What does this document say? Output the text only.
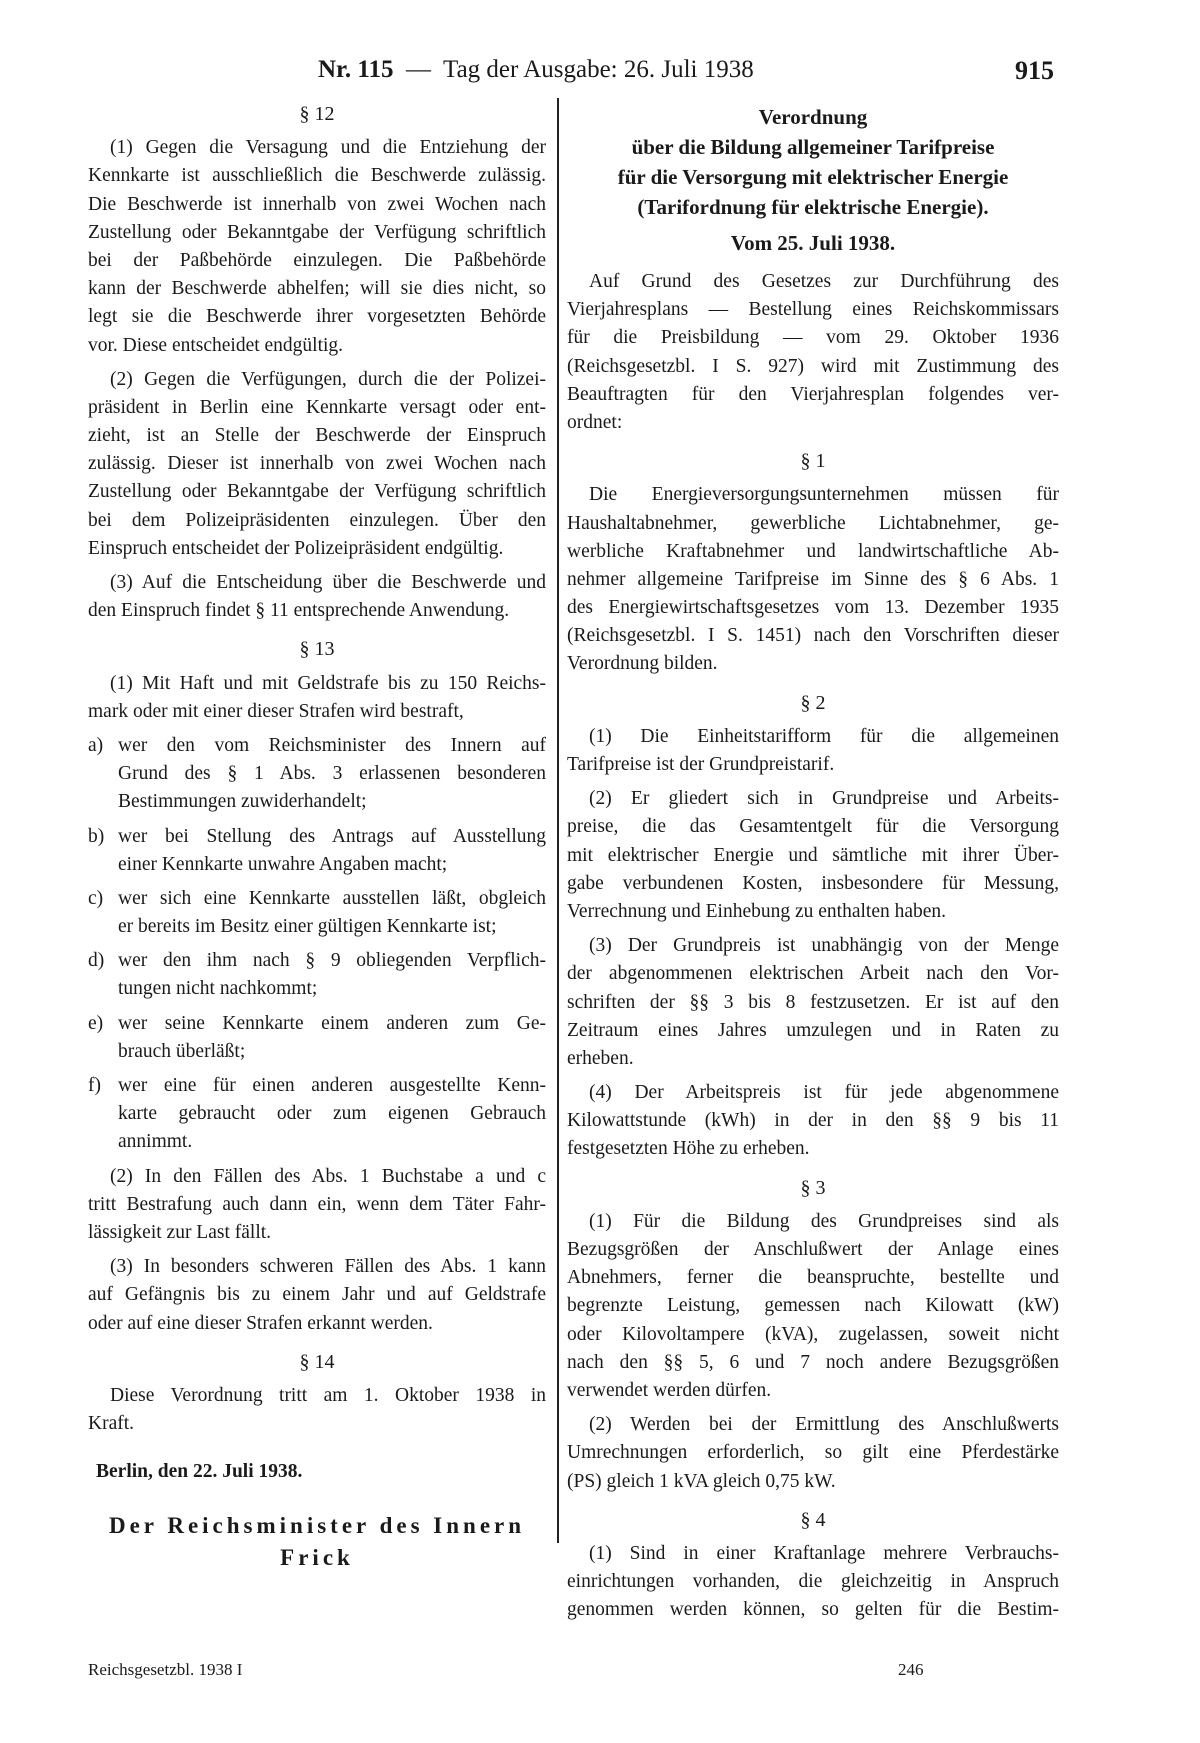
Nr. 115 — Tag der Ausgabe: 26. Juli 1938	915
§ 12
(1) Gegen die Versagung und die Entziehung der
Kennkarte ist ausschließlich die Beschwerde zulässig.
Die Beschwerde ist innerhalb von zwei Wochen nach
Zustellung oder Bekanntgabe der Verfügung schriftlich
bei der Paßbehörde einzulegen. Die Paßbehörde
kann der Beschwerde abhelfen; will sie dies nicht, so
legt sie die Beschwerde ihrer vorgesetzten Behörde
vor. Diese entscheidet endgültig.
(2) Gegen die Verfügungen, durch die der Polizei-
präsident in Berlin eine Kennkarte versagt oder ent-
zieht, ist an Stelle der Beschwerde der Einspruch
zulässig. Dieser ist innerhalb von zwei Wochen nach
Zustellung oder Bekanntgabe der Verfügung schriftlich
bei dem Polizeipräsidenten einzulegen. Über den
Einspruch entscheidet der Polizeipräsident endgültig.
(3) Auf die Entscheidung über die Beschwerde und
den Einspruch findet § 11 entsprechende Anwendung.
§ 13
(1) Mit Haft und mit Geldstrafe bis zu 150 Reichs-
mark oder mit einer dieser Strafen wird bestraft,
a) wer den vom Reichsminister des Innern auf
Grund des § 1 Abs. 3 erlassenen besonderen
Bestimmungen zuwiderhandelt;
b) wer bei Stellung des Antrags auf Ausstellung
einer Kennkarte unwahre Angaben macht;
c) wer sich eine Kennkarte ausstellen läßt, obgleich
er bereits im Besitz einer gültigen Kennkarte ist;
d) wer den ihm nach § 9 obliegenden Verpflich-
tungen nicht nachkommt;
e) wer seine Kennkarte einem anderen zum Ge-
brauch überläßt;
f) wer eine für einen anderen ausgestellte Kenn-
karte gebraucht oder zum eigenen Gebrauch
annimmt.
(2) In den Fällen des Abs. 1 Buchstabe a und c
tritt Bestrafung auch dann ein, wenn dem Täter Fahr-
lässigkeit zur Last fällt.
(3) In besonders schweren Fällen des Abs. 1 kann
auf Gefängnis bis zu einem Jahr und auf Geldstrafe
oder auf eine dieser Strafen erkannt werden.
§ 14
Diese Verordnung tritt am 1. Oktober 1938 in
Kraft.
Berlin, den 22. Juli 1938.
Der Reichsminister des Innern
Frick
Verordnung
über die Bildung allgemeiner Tarifpreise
für die Versorgung mit elektrischer Energie
(Tarifordnung für elektrische Energie).
Vom 25. Juli 1938.
Auf Grund des Gesetzes zur Durchführung des
Vierjahresplans — Bestellung eines Reichskommissars
für die Preisbildung — vom 29. Oktober 1936
(Reichsgesetzbl. I S. 927) wird mit Zustimmung des
Beauftragten für den Vierjahresplan folgendes ver-
ordnet:
§ 1
Die Energieversorgungsunternehmen müssen für
Haushaltabnehmer, gewerbliche Lichtabnehmer, ge-
werbliche Kraftabnehmer und landwirtschaftliche Ab-
nehmer allgemeine Tarifpreise im Sinne des § 6 Abs. 1
des Energiewirtschaftsgesetzes vom 13. Dezember 1935
(Reichsgesetzbl. I S. 1451) nach den Vorschriften dieser
Verordnung bilden.
§ 2
(1) Die Einheitstarifform für die allgemeinen
Tarifpreise ist der Grundpreistarif.
(2) Er gliedert sich in Grundpreise und Arbeits-
preise, die das Gesamtentgelt für die Versorgung
mit elektrischer Energie und sämtliche mit ihrer Über-
gabe verbundenen Kosten, insbesondere für Messung,
Verrechnung und Einhebung zu enthalten haben.
(3) Der Grundpreis ist unabhängig von der Menge
der abgenommenen elektrischen Arbeit nach den Vor-
schriften der §§ 3 bis 8 festzusetzen. Er ist auf den
Zeitraum eines Jahres umzulegen und in Raten zu
erheben.
(4) Der Arbeitspreis ist für jede abgenommene
Kilowattstunde (kWh) in der in den §§ 9 bis 11
festgesetzten Höhe zu erheben.
§ 3
(1) Für die Bildung des Grundpreises sind als
Bezugsgrößen der Anschlußwert der Anlage eines
Abnehmers, ferner die beanspruchte, bestellte und
begrenzte Leistung, gemessen nach Kilowatt (kW)
oder Kilovoltampere (kVA), zugelassen, soweit nicht
nach den §§ 5, 6 und 7 noch andere Bezugsgrößen
verwendet werden dürfen.
(2) Werden bei der Ermittlung des Anschlußwerts
Umrechnungen erforderlich, so gilt eine Pferdestärke
(PS) gleich 1 kVA gleich 0,75 kW.
§ 4
(1) Sind in einer Kraftanlage mehrere Verbrauchs-
einrichtungen vorhanden, die gleichzeitig in Anspruch
genommen werden können, so gelten für die Bestim-
Reichsgesetzbl. 1938 I	246
